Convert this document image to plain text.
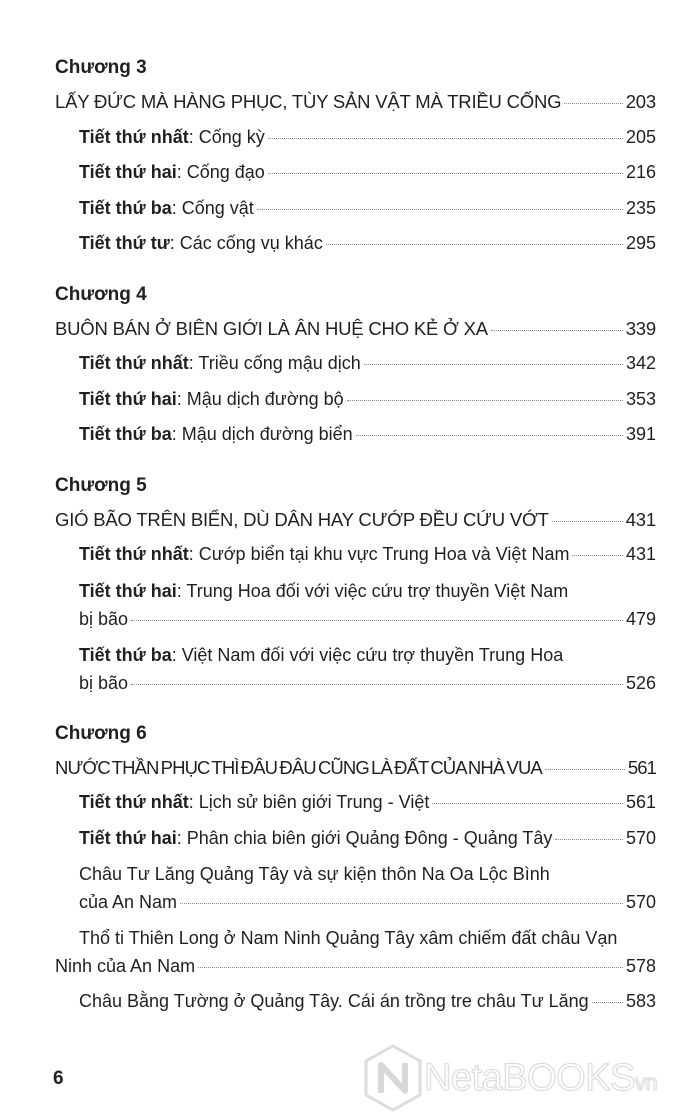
Chương 3
LẤY ĐỨC MÀ HÀNG PHỤC, TÙY SẢN VẬT MÀ TRIỀU CỐNG	203
Tiết thứ nhất : Cống kỳ	205
Tiết thứ hai : Cống đạo	216
Tiết thứ ba : Cống vật	235
Tiết thứ tư : Các cống vụ khác	295
Chương 4
BUÔN BÁN Ở BIÊN GIỚI LÀ ÂN HUỆ CHO KẺ Ở XA	339
Tiết thứ nhất : Triều cống mậu dịch	342
Tiết thứ hai : Mậu dịch đường bộ	353
Tiết thứ ba : Mậu dịch đường biển	391
Chương 5
GIÓ BÃO TRÊN BIỂN, DÙ DÂN HAY CƯỚP ĐỀU CỨU VỚT	431
Tiết thứ nhất : Cướp biển tại khu vực Trung Hoa và Việt Nam	431
Tiết thứ hai: Trung Hoa đối với việc cứu trợ thuyền Việt Nam
bị bão	479
Tiết thứ ba: Việt Nam đối với việc cứu trợ thuyền Trung Hoa
bị bão	526
Chương 6
NƯỚC THẦN PHỤC THÌ ĐÂU ĐÂU CŨNG LÀ ĐẤT CỦA NHÀ VUA	561
Tiết thứ nhất : Lịch sử biên giới Trung - Việt	561
Tiết thứ hai : Phân chia biên giới Quảng Đông - Quảng Tây	570
Châu Tư Lăng Quảng Tây và sự kiện thôn Na Oa Lộc Bình
của An Nam	570
Thổ ti Thiên Long ở Nam Ninh Quảng Tây xâm chiếm đất châu Vạn
Ninh của An Nam	578
Châu Bằng Tường ở Quảng Tây. Cái án trồng tre châu Tư Lăng 583
6	NetaBOOKSvn
